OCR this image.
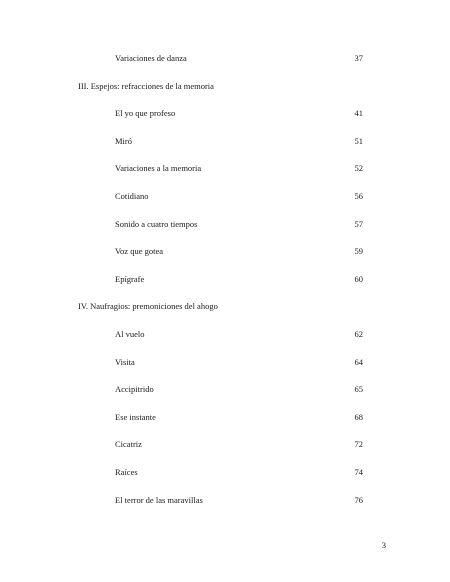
Variaciones de danza	37
III. Espejos: refracciones de la memoria
El yo que profeso	41
Miró	51
Variaciones a la memoria	52
Cotidiano	56
Sonido a cuatro tiempos	57
Voz que gotea	59
Epígrafe	60
IV. Naufragios: premoniciones del ahogo
Al vuelo	62
Visita	64
Accipitrido	65
Ese instante	68
Cicatriz	72
Raíces	74
El terror de las maravillas	76
3
